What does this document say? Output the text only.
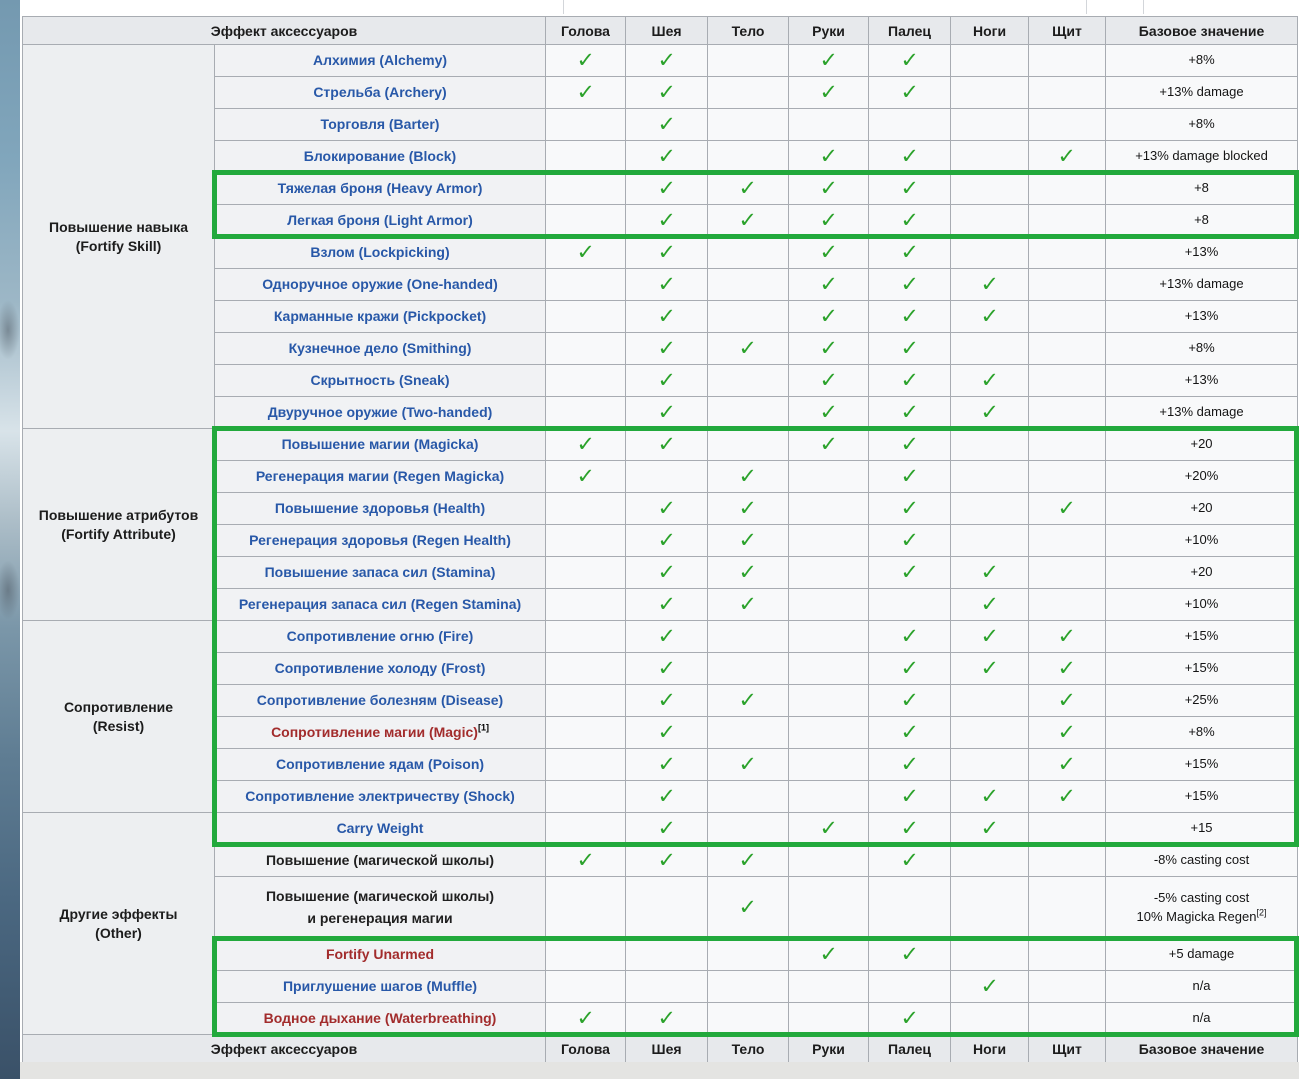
Эффект аксессуаров		Голова	Шея	Тело	Руки	Палец	Ноги	Щит	Базовое значение

Повышение навыка
(Fortify Skill)	Алхимия (Alchemy)	✓	✓		✓	✓			+8%

	Стрельба (Archery)	✓	✓		✓	✓			+13% damage

	Торговля (Barter)		✓						+8%

	Блокирование (Block)		✓		✓	✓		✓	+13% damage blocked

	Тяжелая броня (Heavy Armor)		✓	✓	✓	✓			+8

	Легкая броня (Light Armor)		✓	✓	✓	✓			+8

	Взлом (Lockpicking)	✓	✓		✓	✓			+13%

	Одноручное оружие (One-handed)		✓		✓	✓	✓		+13% damage

	Карманные кражи (Pickpocket)		✓		✓	✓	✓		+13%

	Кузнечное дело (Smithing)		✓	✓	✓	✓			+8%

	Скрытность (Sneak)		✓		✓	✓	✓		+13%

	Двуручное оружие (Two-handed)		✓		✓	✓	✓		+13% damage

Повышение атрибутов
(Fortify Attribute)	Повышение магии (Magicka)	✓	✓		✓	✓			+20

	Регенерация магии (Regen Magicka)	✓		✓		✓			+20%

	Повышение здоровья (Health)		✓	✓		✓		✓	+20

	Регенерация здоровья (Regen Health)		✓	✓		✓			+10%

	Повышение запаса сил (Stamina)		✓	✓		✓	✓		+20

	Регенерация запаса сил (Regen Stamina)		✓	✓			✓		+10%

Сопротивление
(Resist)	Сопротивление огню (Fire)		✓			✓	✓	✓	+15%

	Сопротивление холоду (Frost)		✓			✓	✓	✓	+15%

	Сопротивление болезням (Disease)		✓	✓		✓		✓	+25%

	Сопротивление магии (Magic)[1]		✓			✓		✓	+8%

	Сопротивление ядам (Poison)		✓	✓		✓		✓	+15%

	Сопротивление электричеству (Shock)		✓			✓	✓	✓	+15%

Другие эффекты
(Other)	Carry Weight		✓		✓	✓	✓		+15

	Повышение (магической школы)	✓	✓	✓		✓			-8% casting cost

Повышение (магической школы)
и регенерация магии			✓					-5% casting cost
10% Magicka Regen[2]

	Fortify Unarmed				✓	✓			+5 damage

	Приглушение шагов (Muffle)						✓		n/a

	Водное дыхание (Waterbreathing)	✓	✓			✓			n/a

Эффект аксессуаров		Голова	Шея	Тело	Руки	Палец	Ноги	Щит	Базовое значение
